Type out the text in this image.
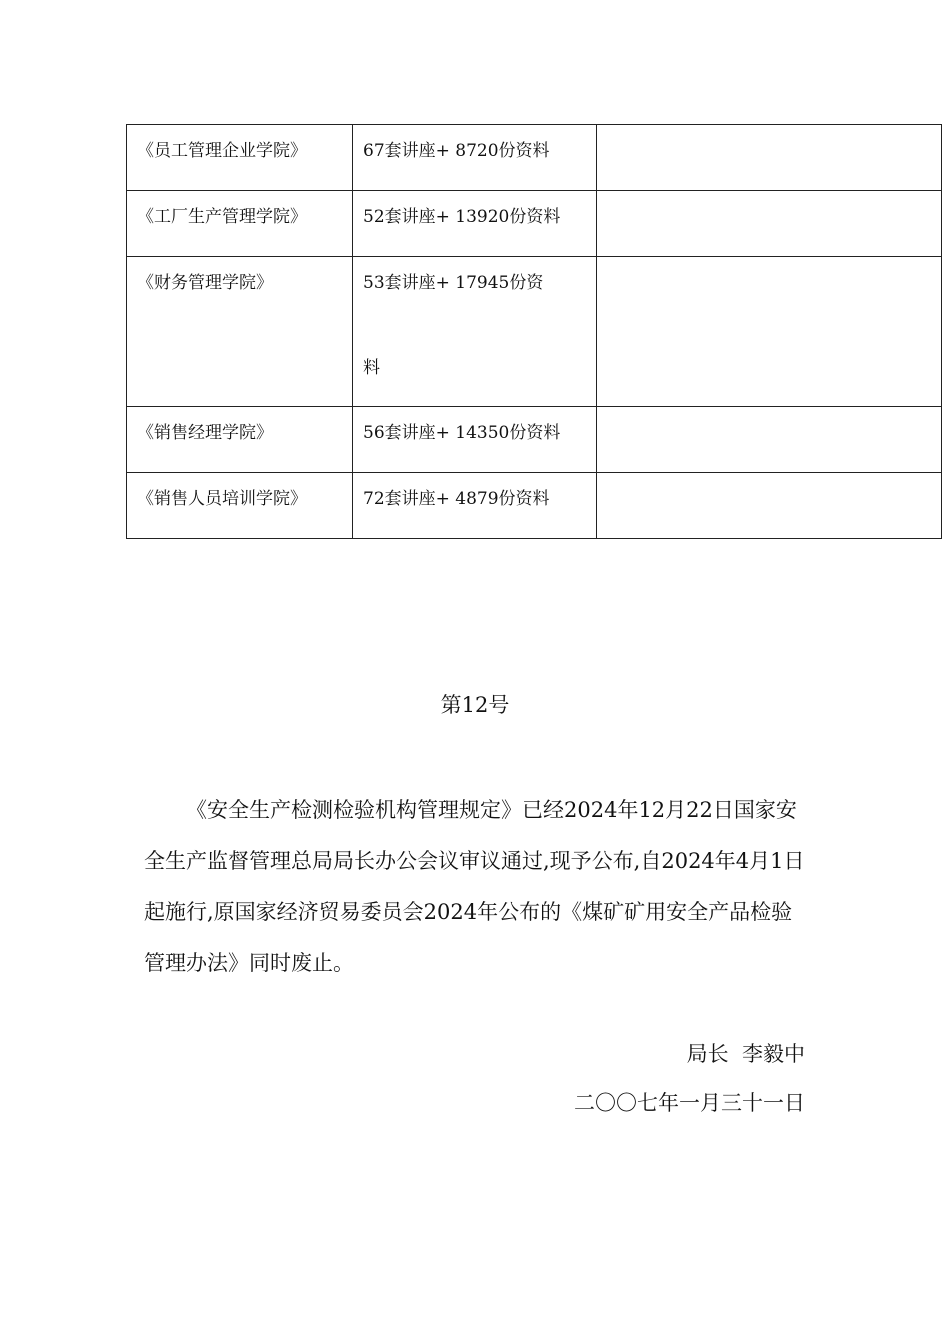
《员工管理企业学院》	67套讲座+ 8720份资料	
《工厂生产管理学院》	52套讲座+ 13920份资料	
《财务管理学院》	53套讲座+ 17945份资
料	

《销售经理学院》	56套讲座+ 14350份资料	
《销售人员培训学院》	72套讲座+ 4879份资料	
第12号

《安全生产检测检验机构管理规定》已经2024年12月22日国家安全生产监督管理总局局长办公会议审议通过,现予公布,自2024年4月1日起施行,原国家经济贸易委员会2024年公布的《煤矿矿用安全产品检验管理办法》同时废止。

局长  李毅中
二〇〇七年一月三十一日
